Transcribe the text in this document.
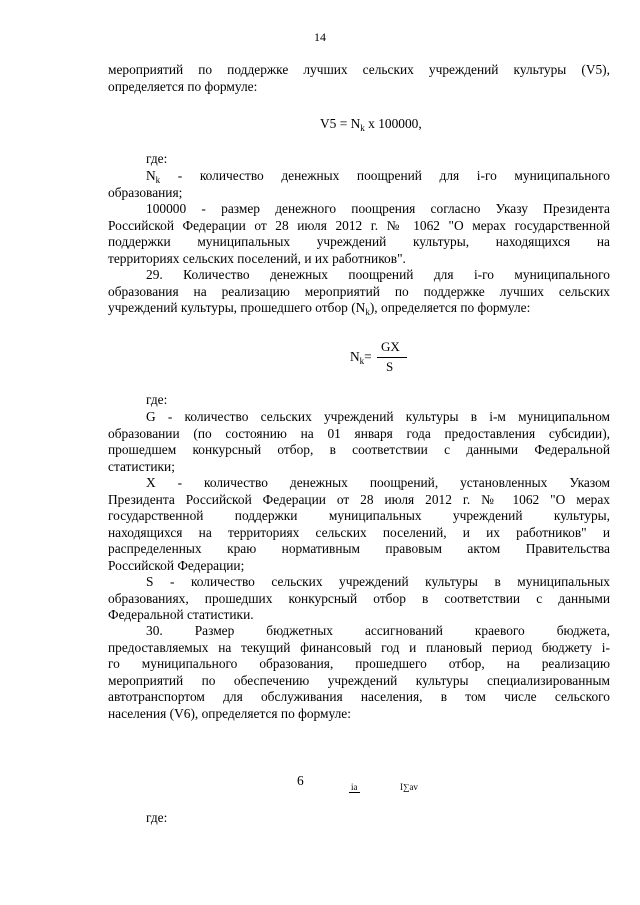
14
мероприятий по поддержке лучших сельских учреждений культуры (V5),
определяется по формуле:
$V5 = N_k$ x 100000,
где:
$N_k$ - количество денежных поощрений для i-го муниципального
образования;
100000 - размер денежного поощрения согласно Указу Президента
Российской Федерации от 28 июля 2012 г. № 1062 "О мерах государственной
поддержки муниципальных учреждений культуры, находящихся на
территориях сельских поселений, и их работников".
29. Количество денежных поощрений для i-го муниципального
образования на реализацию мероприятий по поддержке лучших сельских
учреждений культуры, прошедшего отбор $(N_k)$, определяется по формуле:
$N_k=$
GX
S
где:
G - количество сельских учреждений культуры в i-м муниципальном
образовании (по состоянию на 01 января года предоставления субсидии),
прошедшем конкурсный отбор, в соответствии с данными Федеральной
статистики;
X - количество денежных поощрений, установленных Указом
Президента Российской Федерации от 28 июля 2012 г. № 1062 "О мерах
государственной поддержки муниципальных учреждений культуры,
находящихся на территориях сельских поселений, и их работников" и
распределенных краю нормативным правовым актом Правительства
Российской Федерации;
S - количество сельских учреждений культуры в муниципальных
образованиях, прошедших конкурсный отбор в соответствии с данными
Федеральной статистики.
30. Размер бюджетных ассигнований краевого бюджета,
предоставляемых на текущий финансовый год и плановый период бюджету i-
го муниципального образования, прошедшего отбор, на реализацию
мероприятий по обеспечению учреждений культуры специализированным
автотранспортом для обслуживания населения, в том числе сельского
населения (V6), определяется по формуле:
6	ia	I∑av
где:
